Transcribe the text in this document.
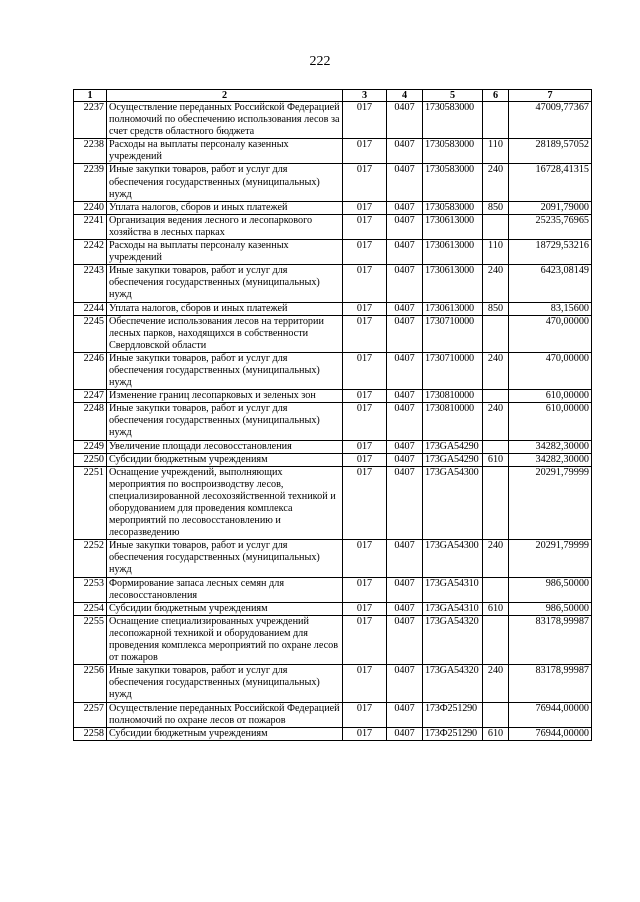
222
1	2	3	4	5	6	7
2237	Осуществление переданных Российской Федерацией полномочий по обеспечению использования лесов за счет средств областного бюджета	017	0407	1730583000		47009,77367
2238	Расходы на выплаты персоналу казенных учреждений	017	0407	1730583000	110	28189,57052
2239	Иные закупки товаров, работ и услуг для обеспечения государственных (муниципальных) нужд	017	0407	1730583000	240	16728,41315
2240	Уплата налогов, сборов и иных платежей	017	0407	1730583000	850	2091,79000
2241	Организация ведения лесного и лесопаркового хозяйства в лесных парках	017	0407	1730613000		25235,76965
2242	Расходы на выплаты персоналу казенных учреждений	017	0407	1730613000	110	18729,53216
2243	Иные закупки товаров, работ и услуг для обеспечения государственных (муниципальных) нужд	017	0407	1730613000	240	6423,08149
2244	Уплата налогов, сборов и иных платежей	017	0407	1730613000	850	83,15600
2245	Обеспечение использования лесов на территории лесных парков, находящихся в собственности Свердловской области	017	0407	1730710000		470,00000
2246	Иные закупки товаров, работ и услуг для обеспечения государственных (муниципальных) нужд	017	0407	1730710000	240	470,00000
2247	Изменение границ лесопарковых и зеленых зон	017	0407	1730810000		610,00000
2248	Иные закупки товаров, работ и услуг для обеспечения государственных (муниципальных) нужд	017	0407	1730810000	240	610,00000
2249	Увеличение площади лесовосстановления	017	0407	173GA54290		34282,30000
2250	Субсидии бюджетным учреждениям	017	0407	173GA54290	610	34282,30000
2251	Оснащение учреждений, выполняющих мероприятия по воспроизводству лесов, специализированной лесохозяйственной техникой и оборудованием для проведения комплекса мероприятий по лесовосстановлению и лесоразведению	017	0407	173GA54300		20291,79999
2252	Иные закупки товаров, работ и услуг для обеспечения государственных (муниципальных) нужд	017	0407	173GA54300	240	20291,79999
2253	Формирование запаса лесных семян для лесовосстановления	017	0407	173GA54310		986,50000
2254	Субсидии бюджетным учреждениям	017	0407	173GA54310	610	986,50000
2255	Оснащение специализированных учреждений лесопожарной техникой и оборудованием для проведения комплекса мероприятий по охране лесов от пожаров	017	0407	173GA54320		83178,99987
2256	Иные закупки товаров, работ и услуг для обеспечения государственных (муниципальных) нужд	017	0407	173GA54320	240	83178,99987
2257	Осуществление переданных Российской Федерацией полномочий по охране лесов от пожаров	017	0407	173Ф251290		76944,00000
2258	Субсидии бюджетным учреждениям	017	0407	173Ф251290	610	76944,00000
